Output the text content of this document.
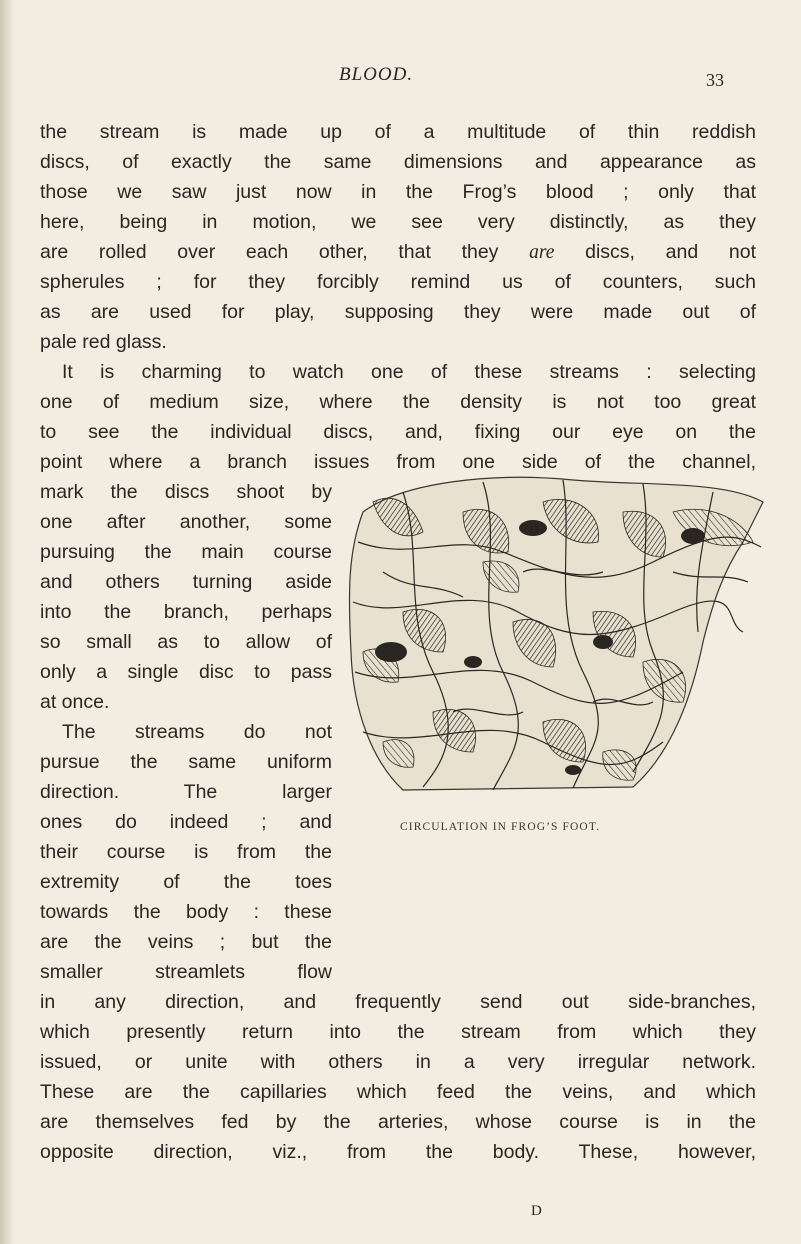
BLOOD.	33
the stream is made up of a multitude of thin reddish
discs, of exactly the same dimensions and appearance as
those we saw just now in the Frog’s blood ; only that
here, being in motion, we see very distinctly, as they
are rolled over each other, that they are discs, and not
spherules ; for they forcibly remind us of counters, such
as are used for play, supposing they were made out of
pale red glass.
It is charming to watch one of these streams : selecting
one of medium size, where the density is not too great
to see the individual discs, and, fixing our eye on the
point where a branch issues from one side of the channel,
mark the discs shoot by
one after another, some
pursuing the main course
and others turning aside
into the branch, perhaps
so small as to allow of
only a single disc to pass
at once.
The streams do not
pursue the same uniform
direction. The larger
ones do indeed ; and
their course is from the
extremity of the toes
towards the body : these
are the veins ; but the
smaller streamlets flow
in any direction, and frequently send out side-branches,
which presently return into the stream from which they
issued, or unite with others in a very irregular network.
These are the capillaries which feed the veins, and which
are themselves fed by the arteries, whose course is in the
opposite direction, viz., from the body. These, however,
CIRCULATION IN FROG’S FOOT.
D
